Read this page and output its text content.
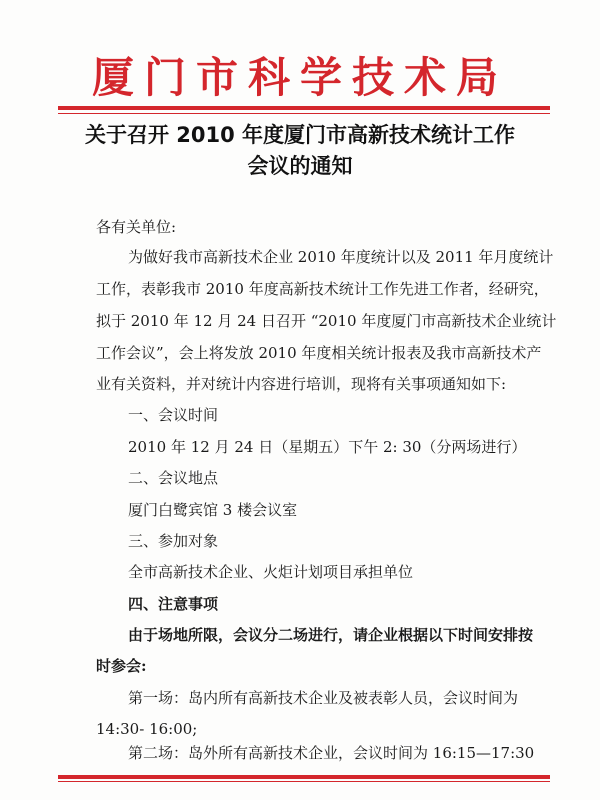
厦门市科学技术局
关于召开 2010 年度厦门市高新技术统计工作
会议的通知
各有关单位:
为做好我市高新技术企业 2010 年度统计以及 2011 年月度统计
工作，表彰我市 2010 年度高新技术统计工作先进工作者，经研究，
拟于 2010 年 12 月 24 日召开 “2010 年度厦门市高新技术企业统计
工作会议”，会上将发放 2010 年度相关统计报表及我市高新技术产
业有关资料，并对统计内容进行培训，现将有关事项通知如下:
一、会议时间
2010 年 12 月 24 日（星期五）下午 2: 30（分两场进行）
二、会议地点
厦门白鹭宾馆 3 楼会议室
三、参加对象
全市高新技术企业、火炬计划项目承担单位
四、注意事项
由于场地所限，会议分二场进行，请企业根据以下时间安排按
时参会:
第一场：岛内所有高新技术企业及被表彰人员，会议时间为
14:30- 16:00;
第二场：岛外所有高新技术企业，会议时间为 16:15—17:30
